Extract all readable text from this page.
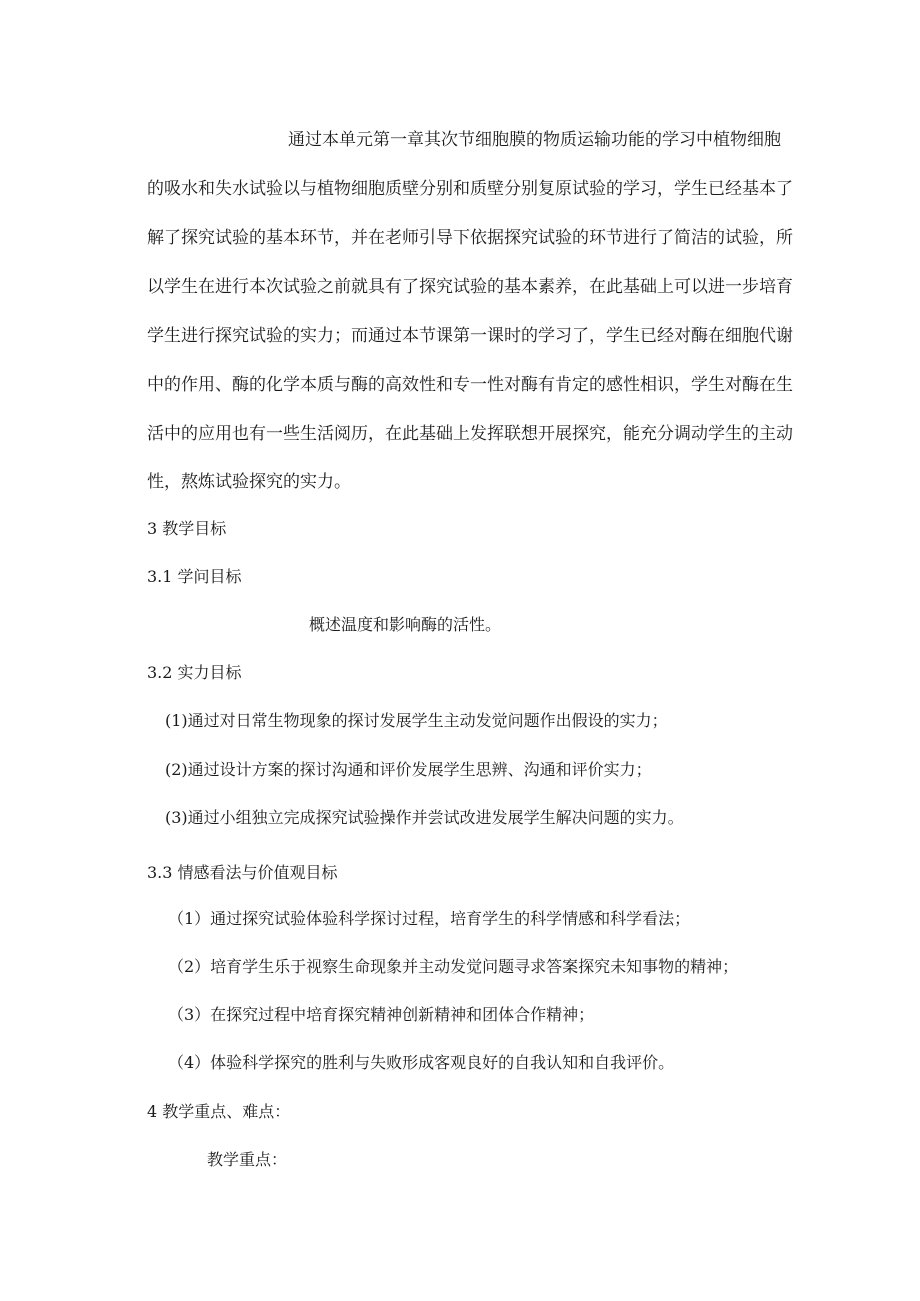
通过本单元第一章其次节细胞膜的物质运输功能的学习中植物细胞
的吸水和失水试验以与植物细胞质壁分别和质壁分别复原试验的学习，学生已经基本了
解了探究试验的基本环节，并在老师引导下依据探究试验的环节进行了简洁的试验，所
以学生在进行本次试验之前就具有了探究试验的基本素养，在此基础上可以进一步培育
学生进行探究试验的实力；而通过本节课第一课时的学习了，学生已经对酶在细胞代谢
中的作用、酶的化学本质与酶的高效性和专一性对酶有肯定的感性相识，学生对酶在生
活中的应用也有一些生活阅历，在此基础上发挥联想开展探究，能充分调动学生的主动
性，熬炼试验探究的实力。
3 教学目标
3.1 学问目标
概述温度和影响酶的活性。
3.2 实力目标
(1)通过对日常生物现象的探讨发展学生主动发觉问题作出假设的实力；
(2)通过设计方案的探讨沟通和评价发展学生思辨、沟通和评价实力；
(3)通过小组独立完成探究试验操作并尝试改进发展学生解决问题的实力。
3.3 情感看法与价值观目标
（1）通过探究试验体验科学探讨过程，培育学生的科学情感和科学看法；
（2）培育学生乐于视察生命现象并主动发觉问题寻求答案探究未知事物的精神；
（3）在探究过程中培育探究精神创新精神和团体合作精神；
（4）体验科学探究的胜利与失败形成客观良好的自我认知和自我评价。
4 教学重点、难点：
教学重点：
